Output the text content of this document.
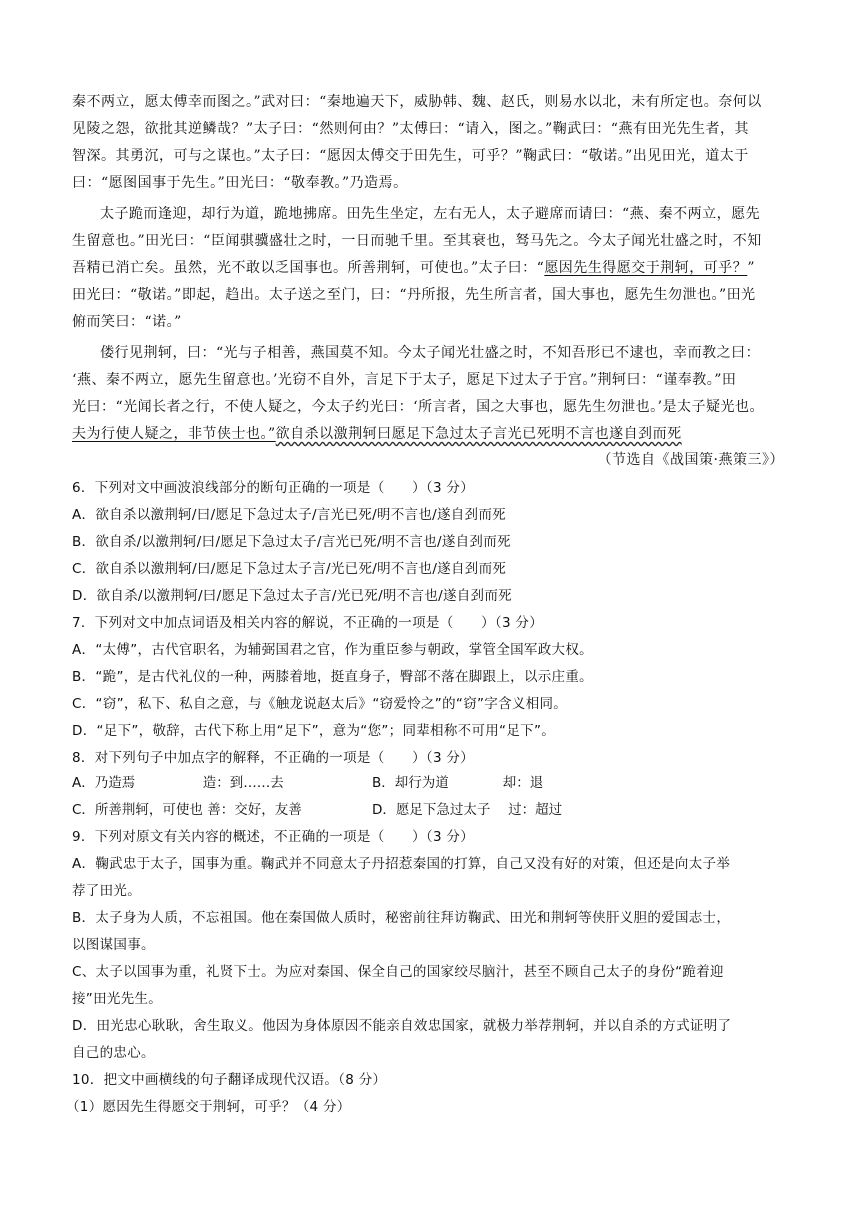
秦不两立，愿太傅幸而图之。”武对曰：“秦地遍天下，威胁韩、魏、赵氏，则易水以北，未有所定也。奈何以
见陵之怨，欲批其逆鳞哉？”太子曰：“然则何由？”太傅曰：“请入，图之。”鞠武曰：“燕有田光先生者，其
智深。其勇沉，可与之谋也。”太子曰：“愿因太傅交于田先生，可乎？”鞠武曰：“敬诺。”出见田光，道太于
曰：“愿图国事于先生。”田光曰：“敬奉教。”乃造焉。
太子跪而逢迎，却行为道，跪地拂席。田先生坐定，左右无人，太子避席而请曰：“燕、秦不两立，愿先
生留意也。”田光曰：“臣闻骐骥盛壮之时，一日而驰千里。至其衰也，驽马先之。今太子闻光壮盛之时，不知
吾精已消亡矣。虽然，光不敢以乏国事也。所善荆轲，可使也。”太子曰：“愿因先生得愿交于荆轲，可乎？”
田光曰：“敬诺。”即起，趋出。太子送之至门，曰：“丹所报，先生所言者，国大事也，愿先生勿泄也。”田光
俯而笑曰：“诺。”
偻行见荆轲，曰：“光与子相善，燕国莫不知。今太子闻光壮盛之时，不知吾形已不逮也，幸而教之曰：
‘燕、秦不两立，愿先生留意也。’光窃不自外，言足下于太子，愿足下过太子于宫。”荆轲曰：“谨奉教。”田
光曰：“光闻长者之行，不使人疑之，今太子约光曰：‘所言者，国之大事也，愿先生勿泄也。’是太子疑光也。
夫为行使人疑之，非节侠士也。”欲自杀以激荆轲曰愿足下急过太子言光已死明不言也遂自刭而死
（节选自《战国策·燕策三》）
6．下列对文中画波浪线部分的断句正确的一项是（　　）（3 分）
A．欲自杀以激荆轲/曰/愿足下急过太子/言光已死/明不言也/遂自刭而死
B．欲自杀/以激荆轲/曰/愿足下急过太子/言光已死/明不言也/遂自刭而死
C．欲自杀以激荆轲/曰/愿足下急过太子言/光已死/明不言也/遂自刭而死
D．欲自杀/以激荆轲/曰/愿足下急过太子言/光已死/明不言也/遂自刭而死
7．下列对文中加点词语及相关内容的解说，不正确的一项是（　　）（3 分）
A．“太傅”，古代官职名，为辅弼国君之官，作为重臣参与朝政，掌管全国军政大权。
B．“跪”，是古代礼仪的一种，两膝着地，挺直身子，臀部不落在脚跟上，以示庄重。
C．“窃”，私下、私自之意，与《触龙说赵太后》“窃爱怜之”的“窃”字含义相同。
D．“足下”，敬辞，古代下称上用“足下”，意为“您”；同辈相称不可用“足下”。
8．对下列句子中加点字的解释，不正确的一项是（　　）（3 分）
A．乃造焉　　　　　造：到……去	B．却行为道　　　　却：退
C．所善荆轲，可使也 善：交好，友善	D．愿足下急过太子　 过：超过
9．下列对原文有关内容的概述，不正确的一项是（　　）（3 分）
A．鞠武忠于太子，国事为重。鞠武并不同意太子丹招惹秦国的打算，自己又没有好的对策，但还是向太子举
荐了田光。
B．太子身为人质，不忘祖国。他在秦国做人质时，秘密前往拜访鞠武、田光和荆轲等侠肝义胆的爱国志士，
以图谋国事。
C、太子以国事为重，礼贤下士。为应对秦国、保全自己的国家绞尽脑汁，甚至不顾自己太子的身份“跪着迎
接”田光先生。
D．田光忠心耿耿，舍生取义。他因为身体原因不能亲自效忠国家，就极力举荐荆轲，并以自杀的方式证明了
自己的忠心。
10．把文中画横线的句子翻译成现代汉语。（8 分）
（1）愿因先生得愿交于荆轲，可乎？（4 分）
